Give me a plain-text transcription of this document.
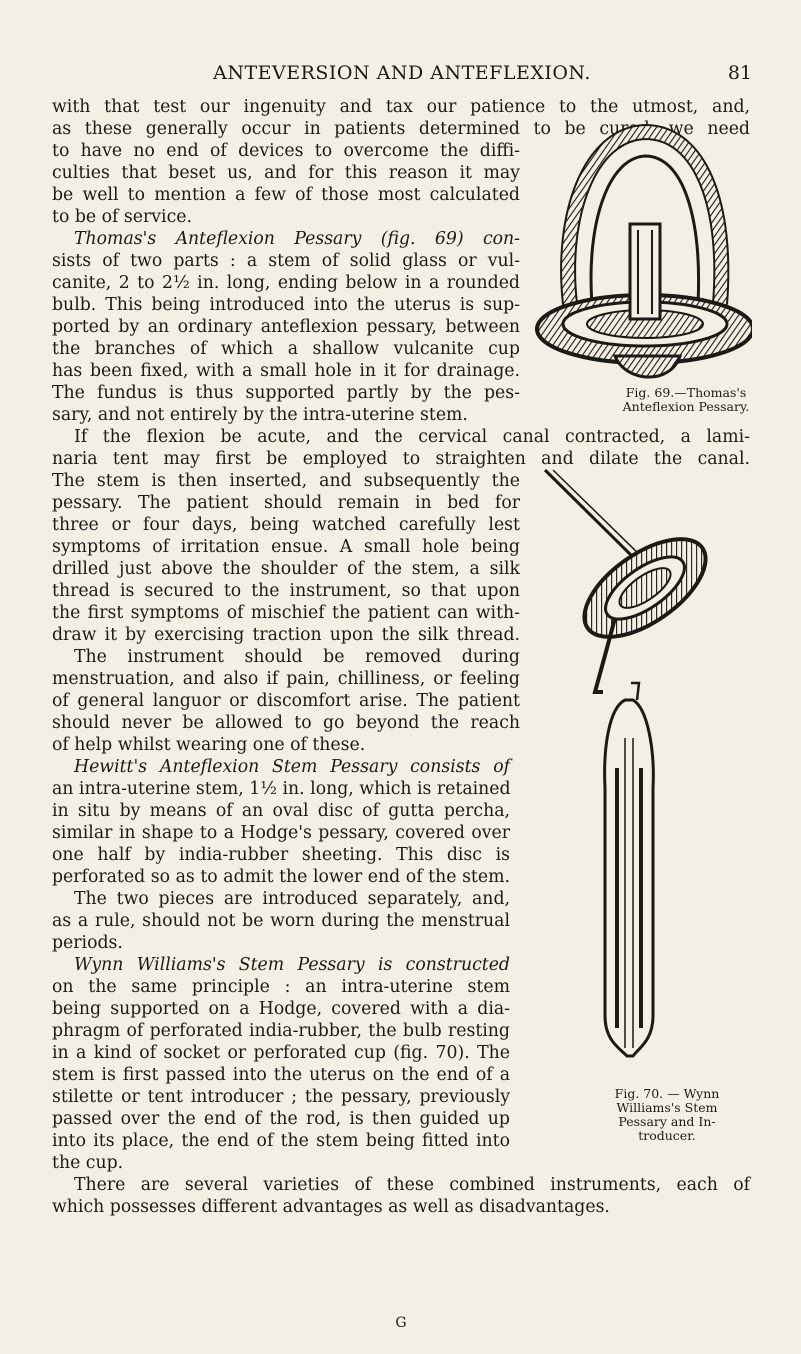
ANTEVERSION AND ANTEFLEXION.	81
with that test our ingenuity and tax our patience to the utmost, and,
as these generally occur in patients determined to be cured, we need
to have no end of devices to overcome the diffi-
culties that beset us, and for this reason it may
be well to mention a few of those most calculated
to be of service.
Thomas's Anteflexion Pessary (fig. 69) con-
sists of two parts : a stem of solid glass or vul-
canite, 2 to 2½ in. long, ending below in a rounded
bulb. This being introduced into the uterus is sup-
ported by an ordinary anteflexion pessary, between
the branches of which a shallow vulcanite cup
has been fixed, with a small hole in it for drainage.
The fundus is thus supported partly by the pes-
sary, and not entirely by the intra-uterine stem.
If the flexion be acute, and the cervical canal contracted, a lami-
naria tent may first be employed to straighten and dilate the canal.
The stem is then inserted, and subsequently the
pessary. The patient should remain in bed for
three or four days, being watched carefully lest
symptoms of irritation ensue. A small hole being
drilled just above the shoulder of the stem, a silk
thread is secured to the instrument, so that upon
the first symptoms of mischief the patient can with-
draw it by exercising traction upon the silk thread.
The instrument should be removed during
menstruation, and also if pain, chilliness, or feeling
of general languor or discomfort arise. The patient
should never be allowed to go beyond the reach
of help whilst wearing one of these.
Hewitt's Anteflexion Stem Pessary consists of
an intra-uterine stem, 1½ in. long, which is retained
in situ by means of an oval disc of gutta percha,
similar in shape to a Hodge's pessary, covered over
one half by india-rubber sheeting. This disc is
perforated so as to admit the lower end of the stem.
The two pieces are introduced separately, and,
as a rule, should not be worn during the menstrual
periods.
Wynn Williams's Stem Pessary is constructed
on the same principle : an intra-uterine stem
being supported on a Hodge, covered with a dia-
phragm of perforated india-rubber, the bulb resting
in a kind of socket or perforated cup (fig. 70). The
stem is first passed into the uterus on the end of a
stilette or tent introducer ; the pessary, previously
passed over the end of the rod, is then guided up
into its place, the end of the stem being fitted into
the cup.
There are several varieties of these combined instruments, each of
which possesses different advantages as well as disadvantages.
Fig. 69.—Thomas's
Anteflexion Pessary.
Fig. 70. — Wynn
Williams's Stem
Pessary and In-
troducer.
G
